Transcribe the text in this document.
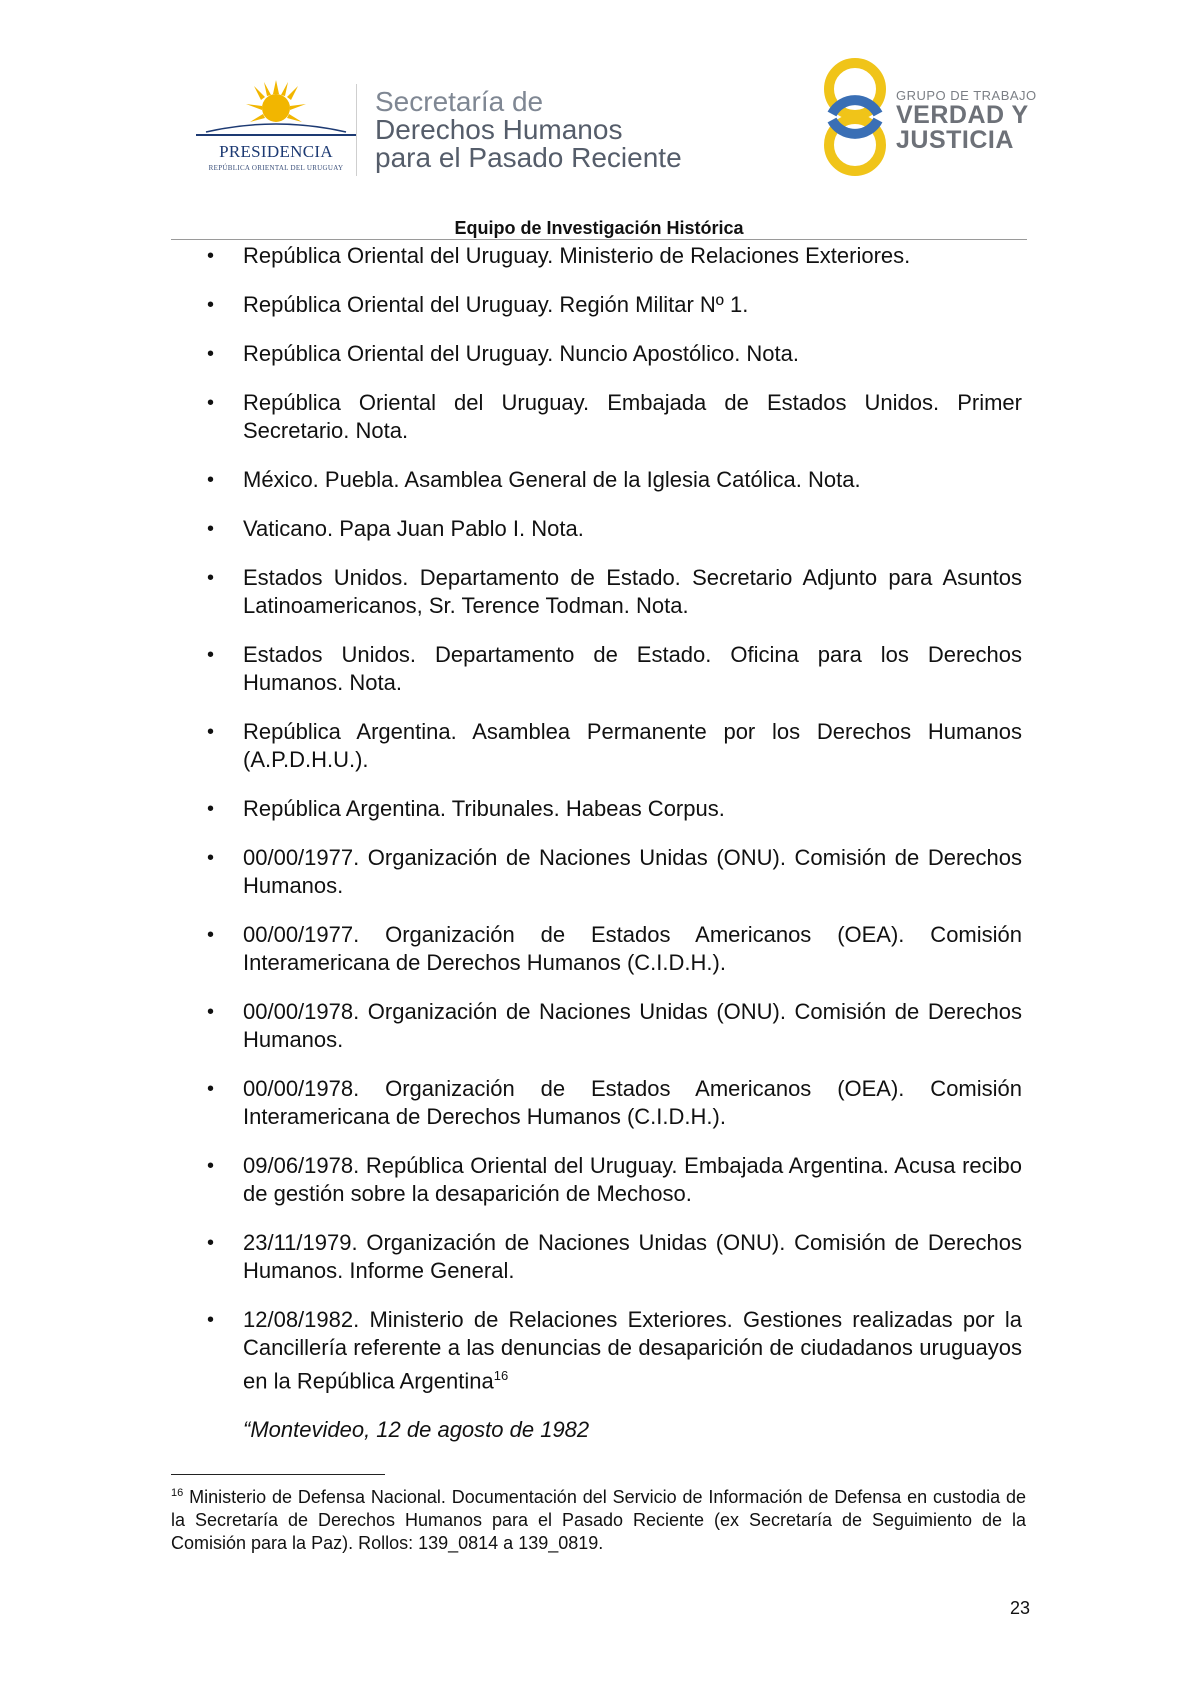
PRESIDENCIA
REPÚBLICA ORIENTAL DEL URUGUAY
Secretaría de
Derechos Humanos
para el Pasado Reciente
GRUPO DE TRABAJO
VERDAD Y
JUSTICIA
Equipo de Investigación Histórica
• República Oriental del Uruguay. Ministerio de Relaciones Exteriores.
• República Oriental del Uruguay. Región Militar Nº 1.
• República Oriental del Uruguay. Nuncio Apostólico. Nota.
• República Oriental del Uruguay. Embajada de Estados Unidos. Primer Secretario. Nota.
• México. Puebla. Asamblea General de la Iglesia Católica. Nota.
• Vaticano. Papa Juan Pablo I. Nota.
• Estados Unidos. Departamento de Estado. Secretario Adjunto para Asuntos Latinoamericanos, Sr. Terence Todman. Nota.
• Estados Unidos. Departamento de Estado. Oficina para los Derechos Humanos. Nota.
• República Argentina. Asamblea Permanente por los Derechos Humanos (A.P.D.H.U.).
• República Argentina. Tribunales. Habeas Corpus.
• 00/00/1977. Organización de Naciones Unidas (ONU). Comisión de Derechos Humanos.
• 00/00/1977. Organización de Estados Americanos (OEA). Comisión Interamericana de Derechos Humanos (C.I.D.H.).
• 00/00/1978. Organización de Naciones Unidas (ONU). Comisión de Derechos Humanos.
• 00/00/1978. Organización de Estados Americanos (OEA). Comisión Interamericana de Derechos Humanos (C.I.D.H.).
• 09/06/1978. República Oriental del Uruguay. Embajada Argentina. Acusa recibo de gestión sobre la desaparición de Mechoso.
• 23/11/1979. Organización de Naciones Unidas (ONU). Comisión de Derechos Humanos. Informe General.
• 12/08/1982. Ministerio de Relaciones Exteriores. Gestiones realizadas por la Cancillería referente a las denuncias de desaparición de ciudadanos uruguayos en la República Argentina$^{16}$
“Montevideo, 12 de agosto de 1982
$^{16}$ Ministerio de Defensa Nacional. Documentación del Servicio de Información de Defensa en custodia de la Secretaría de Derechos Humanos para el Pasado Reciente (ex Secretaría de Seguimiento de la Comisión para la Paz). Rollos: 139_0814 a 139_0819.
23
